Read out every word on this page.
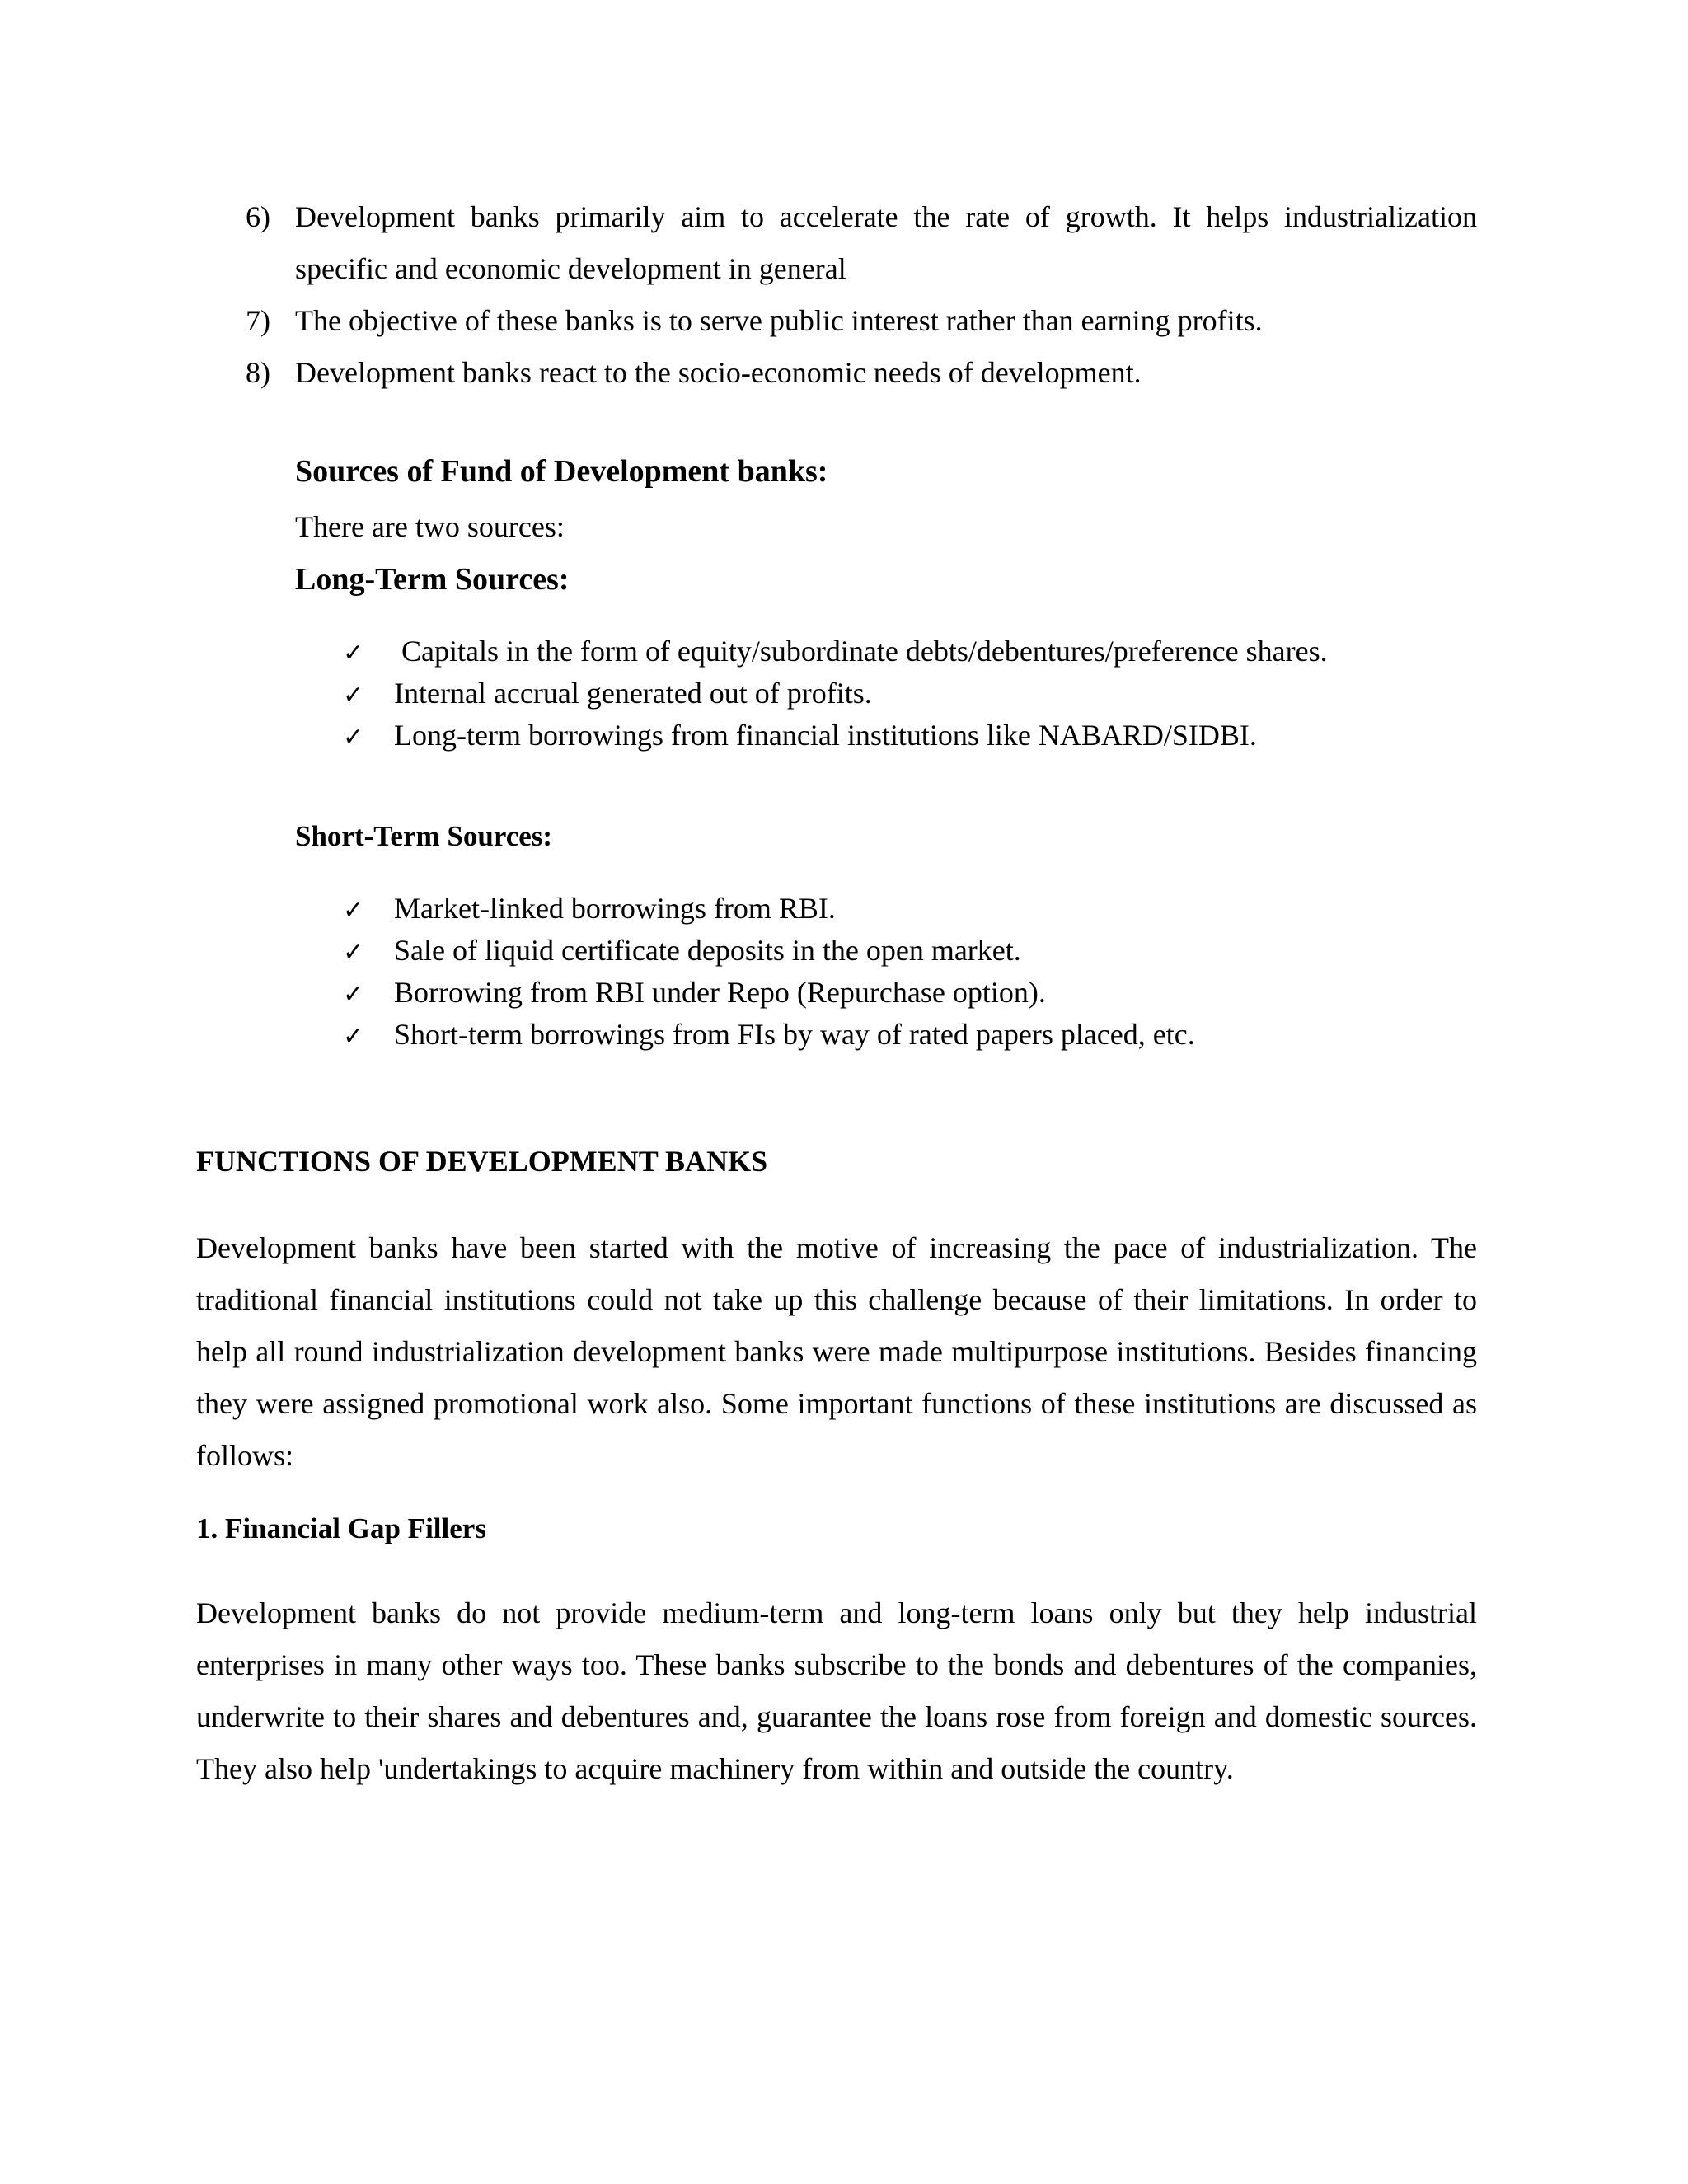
6) Development banks primarily aim to accelerate the rate of growth. It helps industrialization specific and economic development in general
7) The objective of these banks is to serve public interest rather than earning profits.
8) Development banks react to the socio-economic needs of development.
Sources of Fund of Development banks:

There are two sources:

Long-Term Sources:
✓ Capitals in the form of equity/subordinate debts/debentures/preference shares.
✓ Internal accrual generated out of profits.
✓ Long-term borrowings from financial institutions like NABARD/SIDBI.
Short-Term Sources:
✓ Market-linked borrowings from RBI.
✓ Sale of liquid certificate deposits in the open market.
✓ Borrowing from RBI under Repo (Repurchase option).
✓ Short-term borrowings from FIs by way of rated papers placed, etc.
FUNCTIONS OF DEVELOPMENT BANKS

Development banks have been started with the motive of increasing the pace of industrialization. The traditional financial institutions could not take up this challenge because of their limitations. In order to help all round industrialization development banks were made multipurpose institutions. Besides financing they were assigned promotional work also. Some important functions of these institutions are discussed as follows:

1. Financial Gap Fillers

Development banks do not provide medium-term and long-term loans only but they help industrial enterprises in many other ways too. These banks subscribe to the bonds and debentures of the companies, underwrite to their shares and debentures and, guarantee the loans rose from foreign and domestic sources. They also help 'undertakings to acquire machinery from within and outside the country.
